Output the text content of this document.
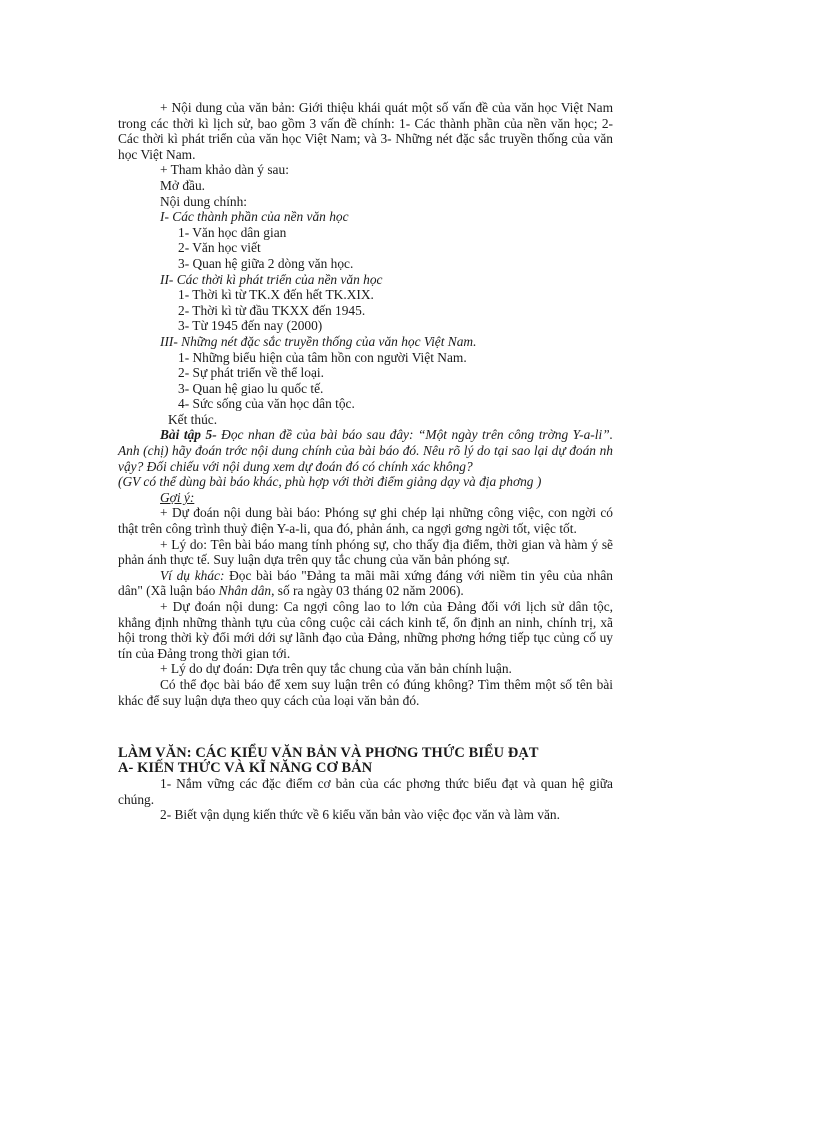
+ Nội dung của văn bản: Giới thiệu khái quát một số vấn đề của văn học Việt Nam trong các thời kì lịch sử, bao gồm 3 vấn đề chính: 1- Các thành phần của nền văn học; 2- Các thời kì phát triển của văn học Việt Nam; và 3- Những nét đặc sắc truyền thống của văn học Việt Nam.

+ Tham khảo dàn ý sau:

Mở đầu.

Nội dung chính:

I- Các thành phần của nền văn học

1- Văn học dân gian

2- Văn học viết

3- Quan hệ giữa 2 dòng văn học.

II- Các thời kì phát triển của nền văn học

1- Thời kì từ TK.X đến hết TK.XIX.

2- Thời kì từ đầu TKXX đến 1945.

3- Từ 1945 đến nay (2000)

III- Những nét đặc sắc truyền thống của văn học Việt Nam.

1- Những biểu hiện của tâm hồn con người Việt Nam.

2- Sự phát triển về thể loại.

3- Quan hệ giao lu quốc tế.

4- Sức sống của văn học dân tộc.

Kết thúc.

Bài tập 5- Đọc nhan đề của bài báo sau đây: “Một ngày trên công trờng Y-a-li”. Anh (chị) hãy đoán trớc nội dung chính của bài báo đó. Nêu rõ lý do tại sao lại dự đoán nh vậy? Đối chiếu với nội dung xem dự đoán đó có chính xác không?

(GV có thể dùng bài báo khác, phù hợp với thời điểm giảng dạy và địa phơng )

Gợi ý:

+ Dự đoán nội dung bài báo: Phóng sự ghi chép lại những công việc, con ngời có thật trên công trình thuỷ điện Y-a-li, qua đó, phản ánh, ca ngợi gơng ngời tốt, việc tốt.

+ Lý do: Tên bài báo mang tính phóng sự, cho thấy địa điểm, thời gian và hàm ý sẽ phản ánh thực tế. Suy luận dựa trên quy tắc chung của văn bản phóng sự.

Ví dụ khác: Đọc bài báo "Đảng ta mãi mãi xứng đáng với niềm tin yêu của nhân dân" (Xã luận báo Nhân dân, số ra ngày 03 tháng 02 năm 2006).

+ Dự đoán nội dung: Ca ngợi công lao to lớn của Đảng đối với lịch sử dân tộc, khẳng định những thành tựu của công cuộc cải cách kinh tế, ổn định an ninh, chính trị, xã hội trong thời kỳ đổi mới dới sự lãnh đạo của Đảng, những phơng hớng tiếp tục củng cố uy tín của Đảng trong thời gian tới.

+ Lý do dự đoán: Dựa trên quy tắc chung của văn bản chính luận.

Có thể đọc bài báo để xem suy luận trên có đúng không? Tìm thêm một số tên bài khác để suy luận dựa theo quy cách của loại văn bản đó.

LÀM VĂN: CÁC KIỂU VĂN BẢN VÀ PHƠNG THỨC BIỂU ĐẠT

A- KIẾN THỨC VÀ KĨ NĂNG CƠ BẢN

1- Nắm vững các đặc điểm cơ bản của các phơng thức biểu đạt và quan hệ giữa chúng.

2- Biết vận dụng kiến thức về 6 kiểu văn bản vào việc đọc văn và làm văn.
